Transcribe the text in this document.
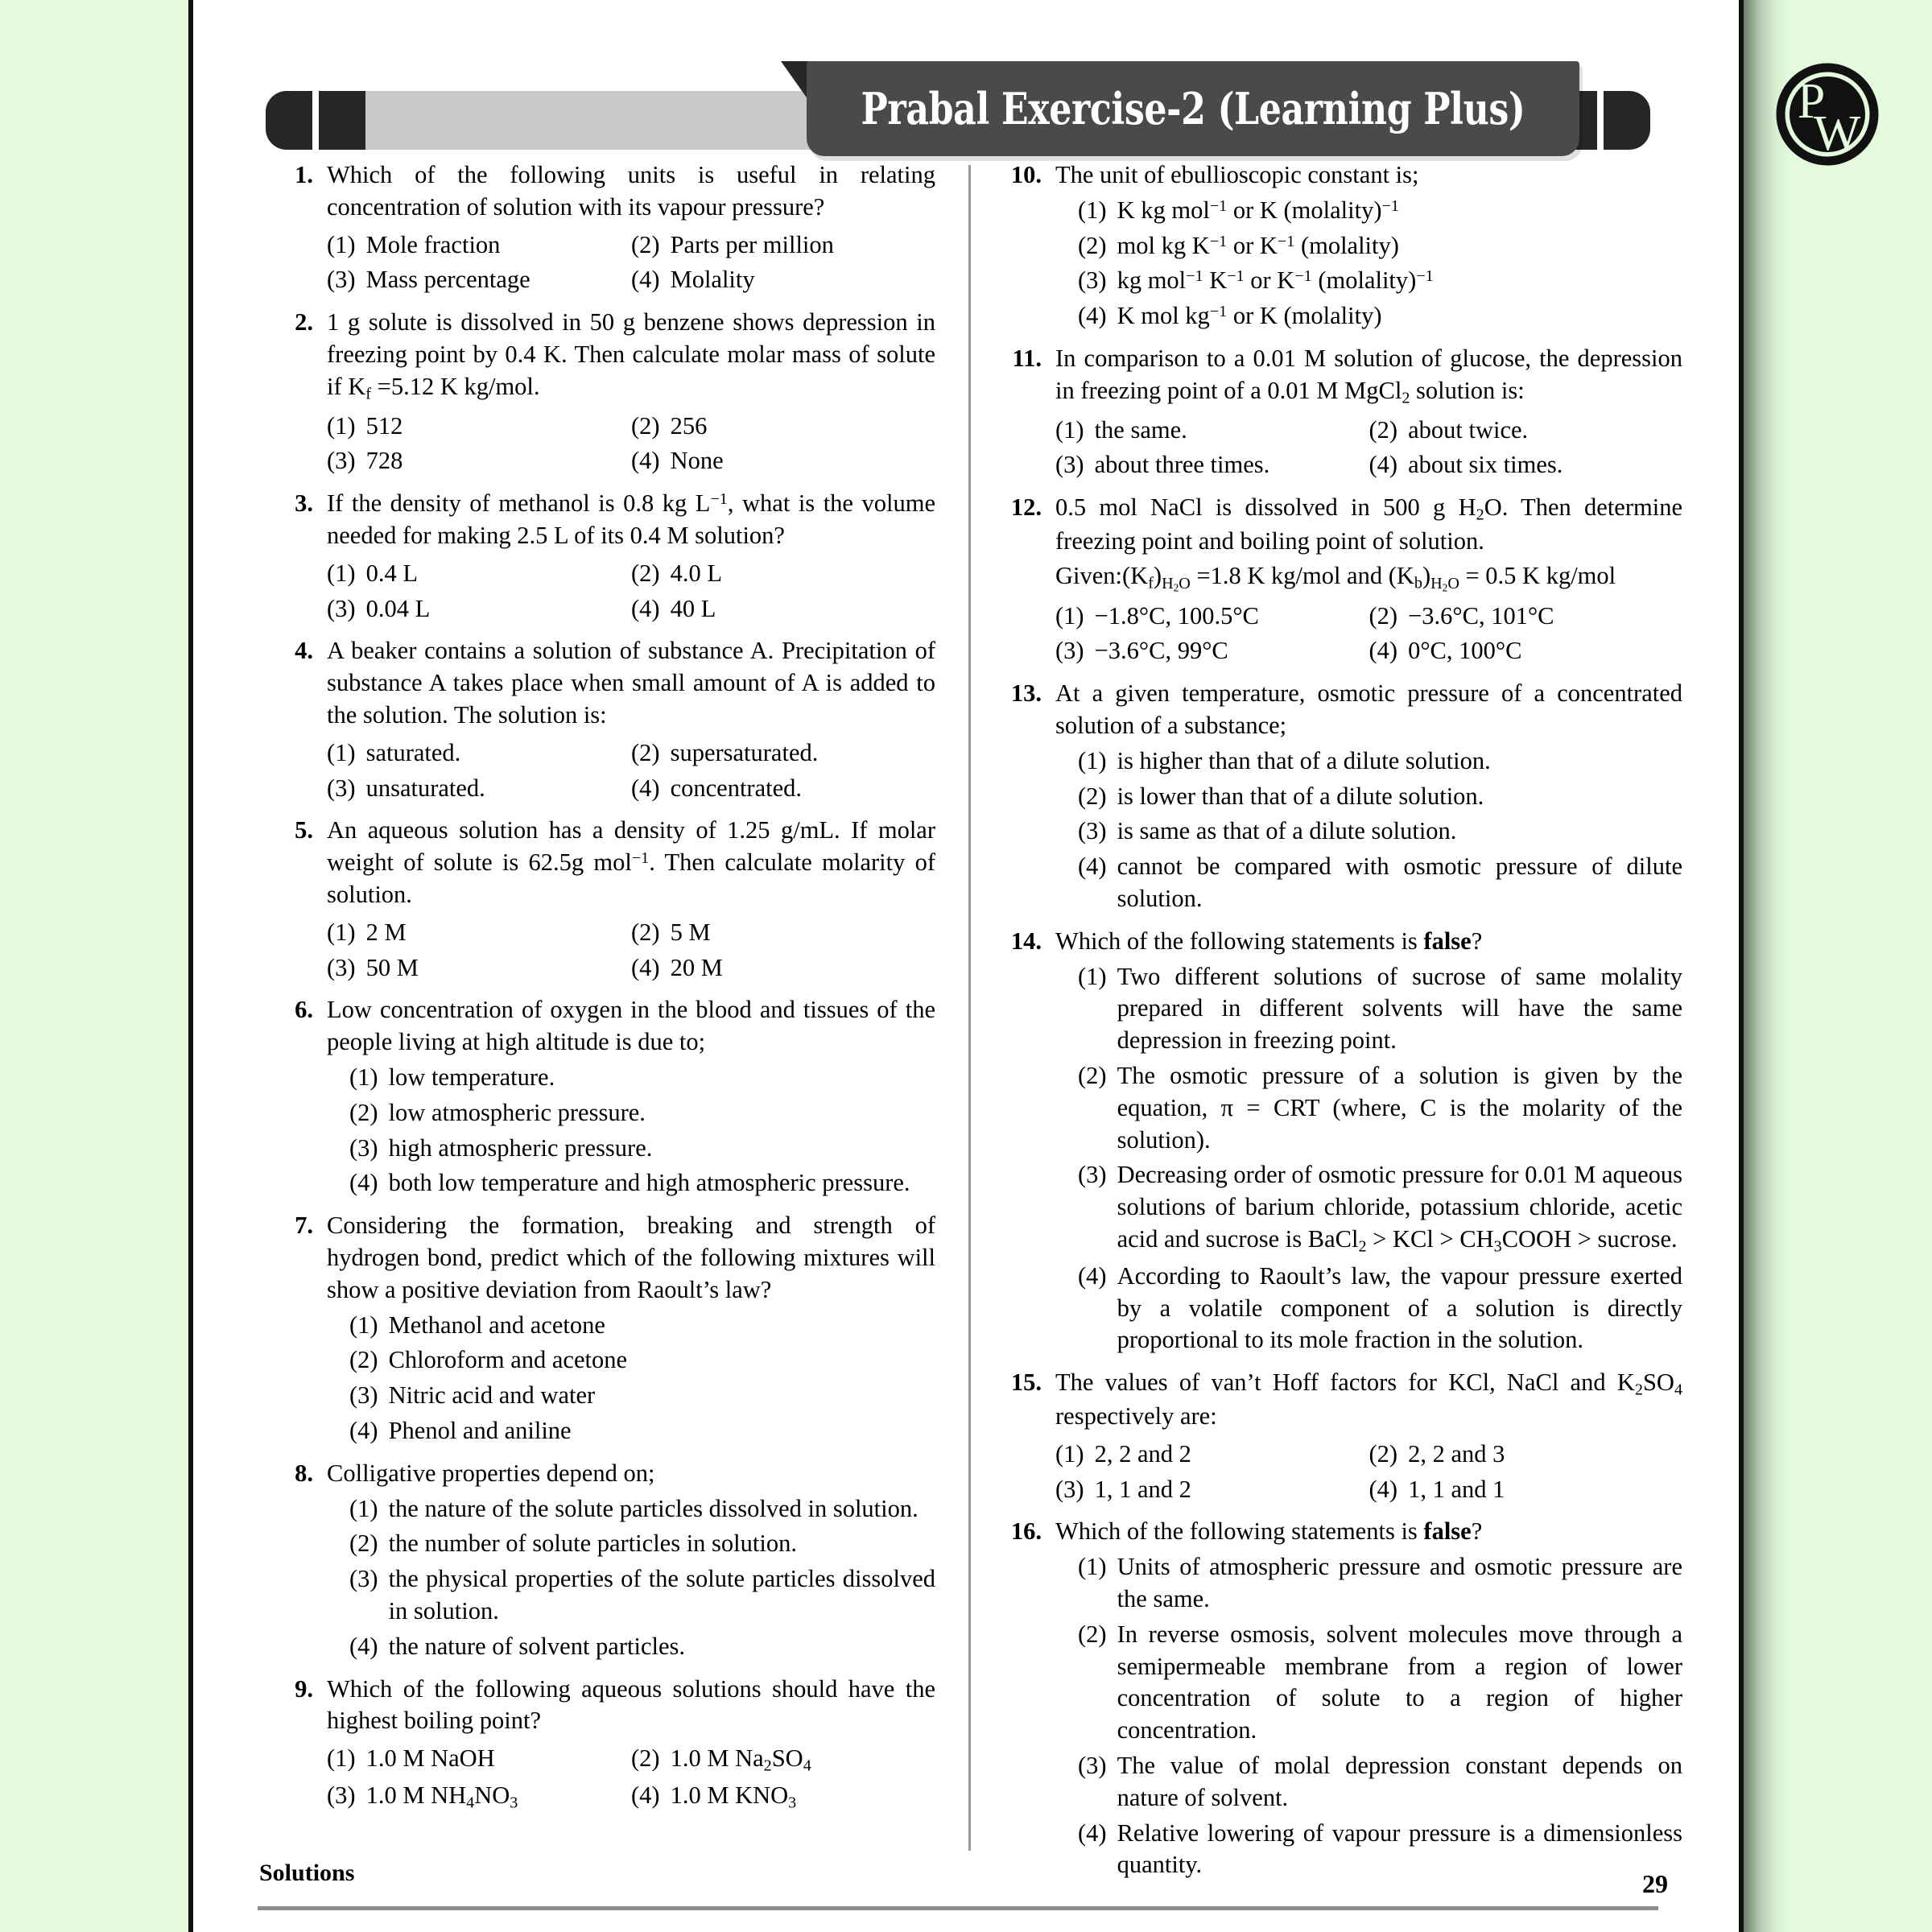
Prabal Exercise-2 (Learning Plus)	P
W
1. Which of the following units is useful in relating concentration of solution with its vapour pressure?
(1) Mole fraction	(2) Parts per million
(3) Mass percentage	(4) Molality
2. 1 g solute is dissolved in 50 g benzene shows depression in freezing point by 0.4 K. Then calculate molar mass of solute if $K_f =5.12$ K kg/mol.
(1) 512	(2) 256
(3) 728	(4) None
3. If the density of methanol is 0.8 kg $L^{-1}$, what is the volume needed for making 2.5 L of its 0.4 M solution?
(1) 0.4 L	(2) 4.0 L
(3) 0.04 L	(4) 40 L
4. A beaker contains a solution of substance A. Precipitation of substance A takes place when small amount of A is added to the solution. The solution is:
(1) saturated.	(2) supersaturated.
(3) unsaturated.	(4) concentrated.
5. An aqueous solution has a density of 1.25 g/mL. If molar weight of solute is 62.5g mol$^{-1}$. Then calculate molarity of solution.
(1) 2 M	(2) 5 M
(3) 50 M	(4) 20 M
6. Low concentration of oxygen in the blood and tissues of the people living at high altitude is due to;
(1) low temperature.
(2) low atmospheric pressure.
(3) high atmospheric pressure.
(4) both low temperature and high atmospheric pressure.
7. Considering the formation, breaking and strength of hydrogen bond, predict which of the following mixtures will show a positive deviation from Raoult’s law?
(1) Methanol and acetone
(2) Chloroform and acetone
(3) Nitric acid and water
(4) Phenol and aniline
8. Colligative properties depend on;
(1) the nature of the solute particles dissolved in solution.
(2) the number of solute particles in solution.
(3) the physical properties of the solute particles dissolved in solution.
(4) the nature of solvent particles.
9. Which of the following aqueous solutions should have the highest boiling point?
(1) 1.0 M NaOH	(2) 1.0 M $Na_2SO_4$
(3) 1.0 M $NH_4NO_3$	(4) 1.0 M $KNO_3$
10. The unit of ebullioscopic constant is;
(1) K kg mol$^{-1}$ or K (molality)$^{-1}$
(2) mol kg $K^{-1}$ or $K^{-1}$ (molality)
(3) kg mol$^{-1}$ $K^{-1}$ or $K^{-1}$ (molality)$^{-1}$
(4) K mol $kg^{-1}$ or K (molality)
11. In comparison to a 0.01 M solution of glucose, the depression in freezing point of a 0.01 M MgCl$_2$ solution is:
(1) the same.	(2) about twice.
(3) about three times.	(4) about six times.
12. 0.5 mol NaCl is dissolved in 500 g $H_2O$. Then determine freezing point and boiling point of solution.
$Given:(K_f)_{H_2O} =1.8$ K kg/mol and $(K_b)_{H_2O} = 0.5$ K kg/mol
(1) −1.8°C, 100.5°C	(2) −3.6°C, 101°C
(3) −3.6°C, 99°C	(4) 0°C, 100°C
13. At a given temperature, osmotic pressure of a concentrated solution of a substance;
(1) is higher than that of a dilute solution.
(2) is lower than that of a dilute solution.
(3) is same as that of a dilute solution.
(4) cannot be compared with osmotic pressure of dilute solution.
14. Which of the following statements is false?
(1) Two different solutions of sucrose of same molality prepared in different solvents will have the same depression in freezing point.
(2) The osmotic pressure of a solution is given by the equation, π = CRT (where, C is the molarity of the solution).
(3) Decreasing order of osmotic pressure for 0.01 M aqueous solutions of barium chloride, potassium chloride, acetic acid and sucrose is BaCl$_2$ > KCl > $CH_3COOH$ > sucrose.
(4) According to Raoult’s law, the vapour pressure exerted by a volatile component of a solution is directly proportional to its mole fraction in the solution.
15. The values of van’t Hoff factors for KCl, NaCl and $K_2SO_4$ respectively are:
(1) 2, 2 and 2	(2) 2, 2 and 3
(3) 1, 1 and 2	(4) 1, 1 and 1
16. Which of the following statements is false?
(1) Units of atmospheric pressure and osmotic pressure are the same.
(2) In reverse osmosis, solvent molecules move through a semipermeable membrane from a region of lower concentration of solute to a region of higher concentration.
(3) The value of molal depression constant depends on nature of solvent.
(4) Relative lowering of vapour pressure is a dimensionless quantity.
Solutions	29
